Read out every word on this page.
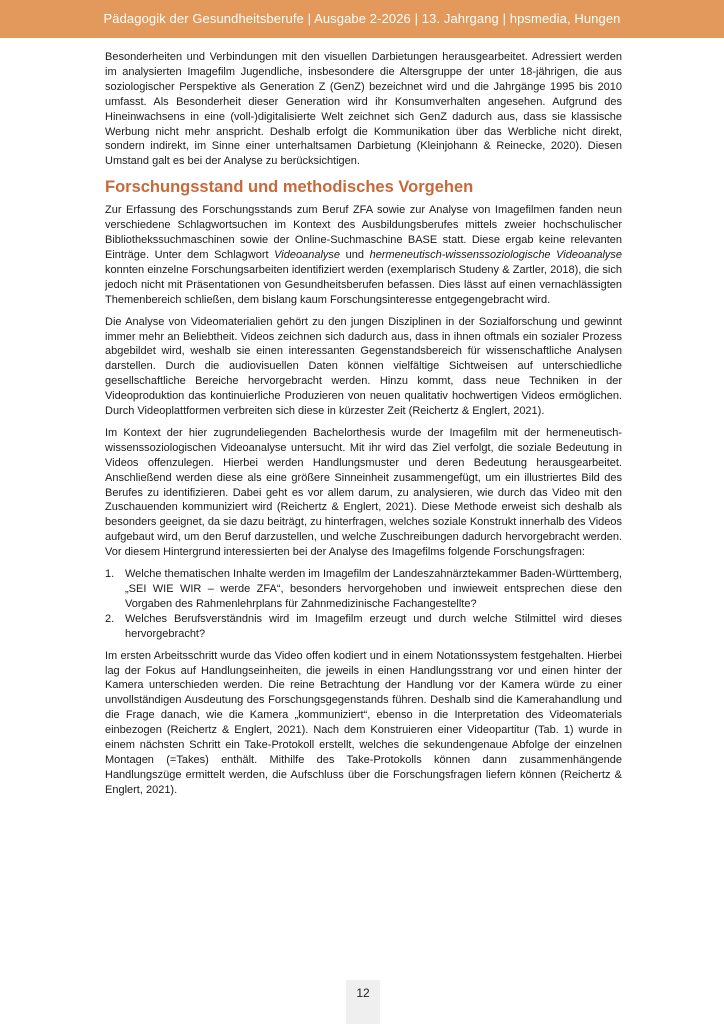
Pädagogik der Gesundheitsberufe | Ausgabe 2-2026 | 13. Jahrgang | hpsmedia, Hungen

Besonderheiten und Verbindungen mit den visuellen Darbietungen herausgearbeitet. Adressiert werden im analysierten Imagefilm Jugendliche, insbesondere die Altersgruppe der unter 18-jährigen, die aus soziologischer Perspektive als Generation Z (GenZ) bezeichnet wird und die Jahrgänge 1995 bis 2010 umfasst. Als Besonderheit dieser Generation wird ihr Konsumverhalten angesehen. Aufgrund des Hineinwachsens in eine (voll-)digitalisierte Welt zeichnet sich GenZ dadurch aus, dass sie klassische Werbung nicht mehr anspricht. Deshalb erfolgt die Kommunikation über das Werbliche nicht direkt, sondern indirekt, im Sinne einer unterhaltsamen Darbietung (Kleinjohann & Reinecke, 2020). Diesen Umstand galt es bei der Analyse zu berücksichtigen.

Forschungsstand und methodisches Vorgehen

Zur Erfassung des Forschungsstands zum Beruf ZFA sowie zur Analyse von Imagefilmen fanden neun verschiedene Schlagwortsuchen im Kontext des Ausbildungsberufes mittels zweier hochschulischer Bibliothekssuchmaschinen sowie der Online-Suchmaschine BASE statt. Diese ergab keine relevanten Einträge. Unter dem Schlagwort Videoanalyse und hermeneutisch-wissenssoziologische Videoanalyse konnten einzelne Forschungsarbeiten identifiziert werden (exemplarisch Studeny & Zartler, 2018), die sich jedoch nicht mit Präsentationen von Gesundheitsberufen befassen. Dies lässt auf einen vernachlässigten Themenbereich schließen, dem bislang kaum Forschungsinteresse entgegengebracht wird.

Die Analyse von Videomaterialien gehört zu den jungen Disziplinen in der Sozialforschung und gewinnt immer mehr an Beliebtheit. Videos zeichnen sich dadurch aus, dass in ihnen oftmals ein sozialer Prozess abgebildet wird, weshalb sie einen interessanten Gegenstandsbereich für wissenschaftliche Analysen darstellen. Durch die audiovisuellen Daten können vielfältige Sichtweisen auf unterschiedliche gesellschaftliche Bereiche hervorgebracht werden. Hinzu kommt, dass neue Techniken in der Videoproduktion das kontinuierliche Produzieren von neuen qualitativ hochwertigen Videos ermöglichen. Durch Videoplattformen verbreiten sich diese in kürzester Zeit (Reichertz & Englert, 2021).

Im Kontext der hier zugrundeliegenden Bachelorthesis wurde der Imagefilm mit der hermeneutisch-wissenssoziologischen Videoanalyse untersucht. Mit ihr wird das Ziel verfolgt, die soziale Bedeutung in Videos offenzulegen. Hierbei werden Handlungsmuster und deren Bedeutung herausgearbeitet. Anschließend werden diese als eine größere Sinneinheit zusammengefügt, um ein illustriertes Bild des Berufes zu identifizieren. Dabei geht es vor allem darum, zu analysieren, wie durch das Video mit den Zuschauenden kommuniziert wird (Reichertz & Englert, 2021). Diese Methode erweist sich deshalb als besonders geeignet, da sie dazu beiträgt, zu hinterfragen, welches soziale Konstrukt innerhalb des Videos aufgebaut wird, um den Beruf darzustellen, und welche Zuschreibungen dadurch hervorgebracht werden. Vor diesem Hintergrund interessierten bei der Analyse des Imagefilms folgende Forschungsfragen:

1. Welche thematischen Inhalte werden im Imagefilm der Landeszahnärztekammer Baden-Württemberg, „SEI WIE WIR – werde ZFA“, besonders hervorgehoben und inwieweit entsprechen diese den Vorgaben des Rahmenlehrplans für Zahnmedizinische Fachangestellte?
2. Welches Berufsverständnis wird im Imagefilm erzeugt und durch welche Stilmittel wird dieses hervorgebracht?

Im ersten Arbeitsschritt wurde das Video offen kodiert und in einem Notationssystem festgehalten. Hierbei lag der Fokus auf Handlungseinheiten, die jeweils in einen Handlungsstrang vor und einen hinter der Kamera unterschieden werden. Die reine Betrachtung der Handlung vor der Kamera würde zu einer unvollständigen Ausdeutung des Forschungsgegenstands führen. Deshalb sind die Kamerahandlung und die Frage danach, wie die Kamera „kommuniziert“, ebenso in die Interpretation des Videomaterials einbezogen (Reichertz & Englert, 2021). Nach dem Konstruieren einer Videopartitur (Tab. 1) wurde in einem nächsten Schritt ein Take-Protokoll erstellt, welches die sekundengenaue Abfolge der einzelnen Montagen (=Takes) enthält. Mithilfe des Take-Protokolls können dann zusammenhängende Handlungszüge ermittelt werden, die Aufschluss über die Forschungsfragen liefern können (Reichertz & Englert, 2021).

12
